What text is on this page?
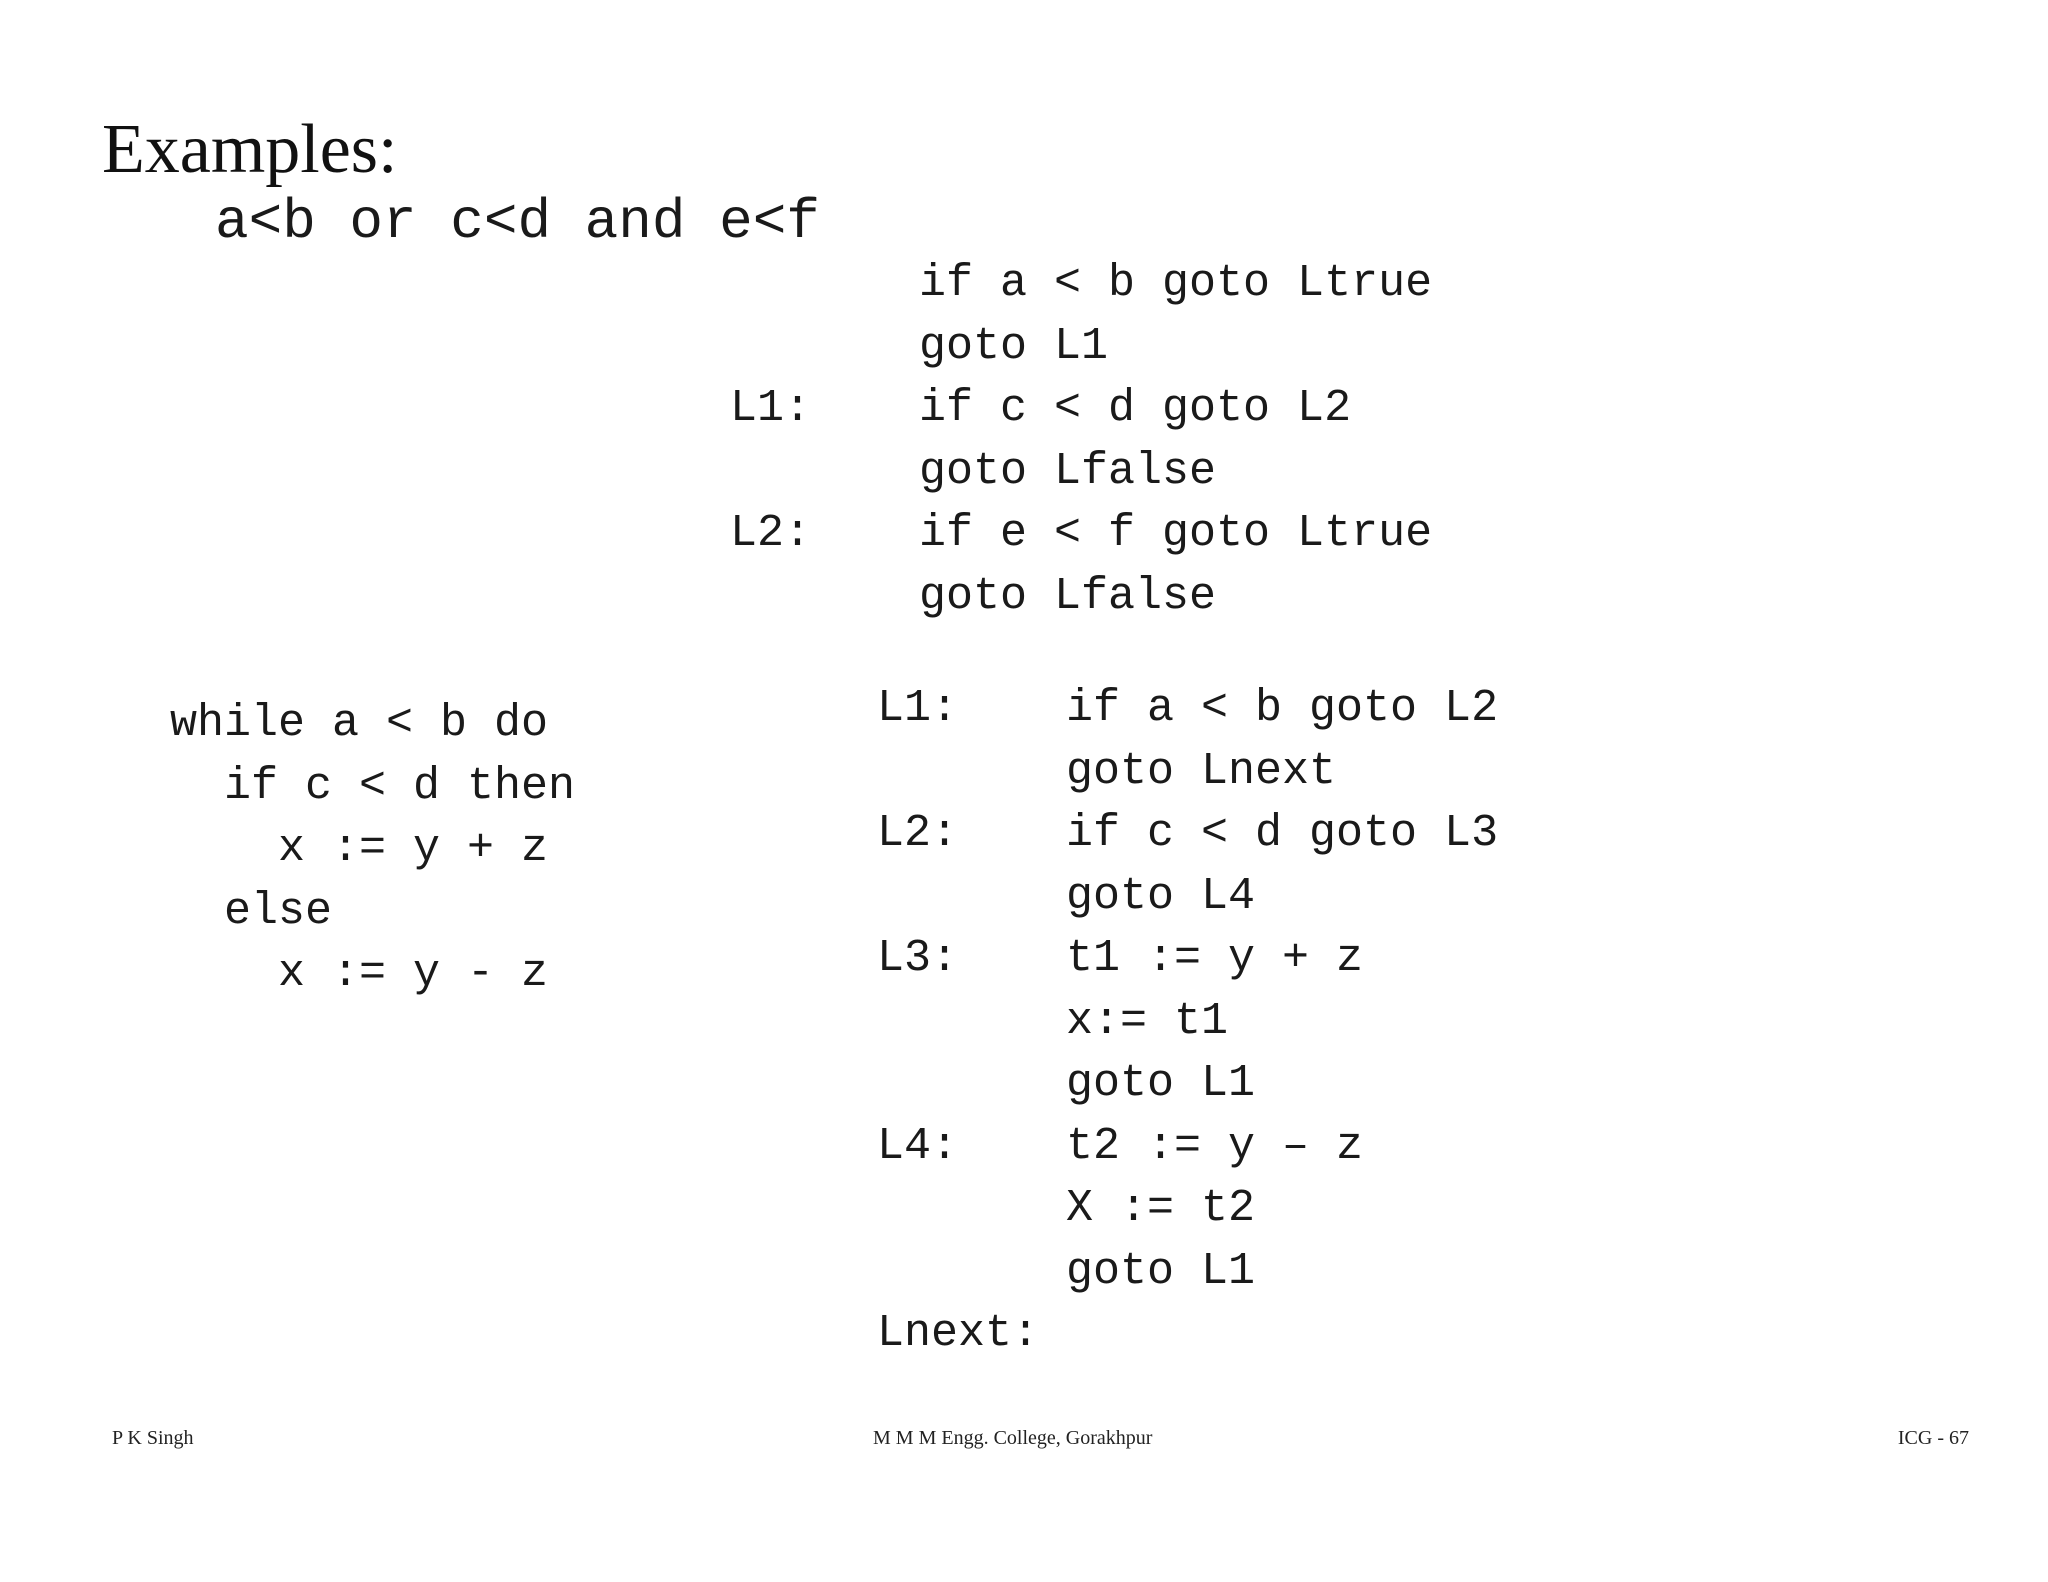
Examples:
a<b or c<d and e<f
if a < b goto Ltrue
goto L1
L1: if c < d goto L2
goto Lfalse
L2: if e < f goto Ltrue
goto Lfalse
while a < b do
if c < d then
x := y + z
else
x := y - z
L1: if a < b goto L2
goto Lnext
L2: if c < d goto L3
goto L4
L3: t1 := y + z
x:= t1
goto L1
L4: t2 := y – z
X := t2
goto L1
Lnext:
P K Singh	M M M Engg. College, Gorakhpur	ICG - 67
